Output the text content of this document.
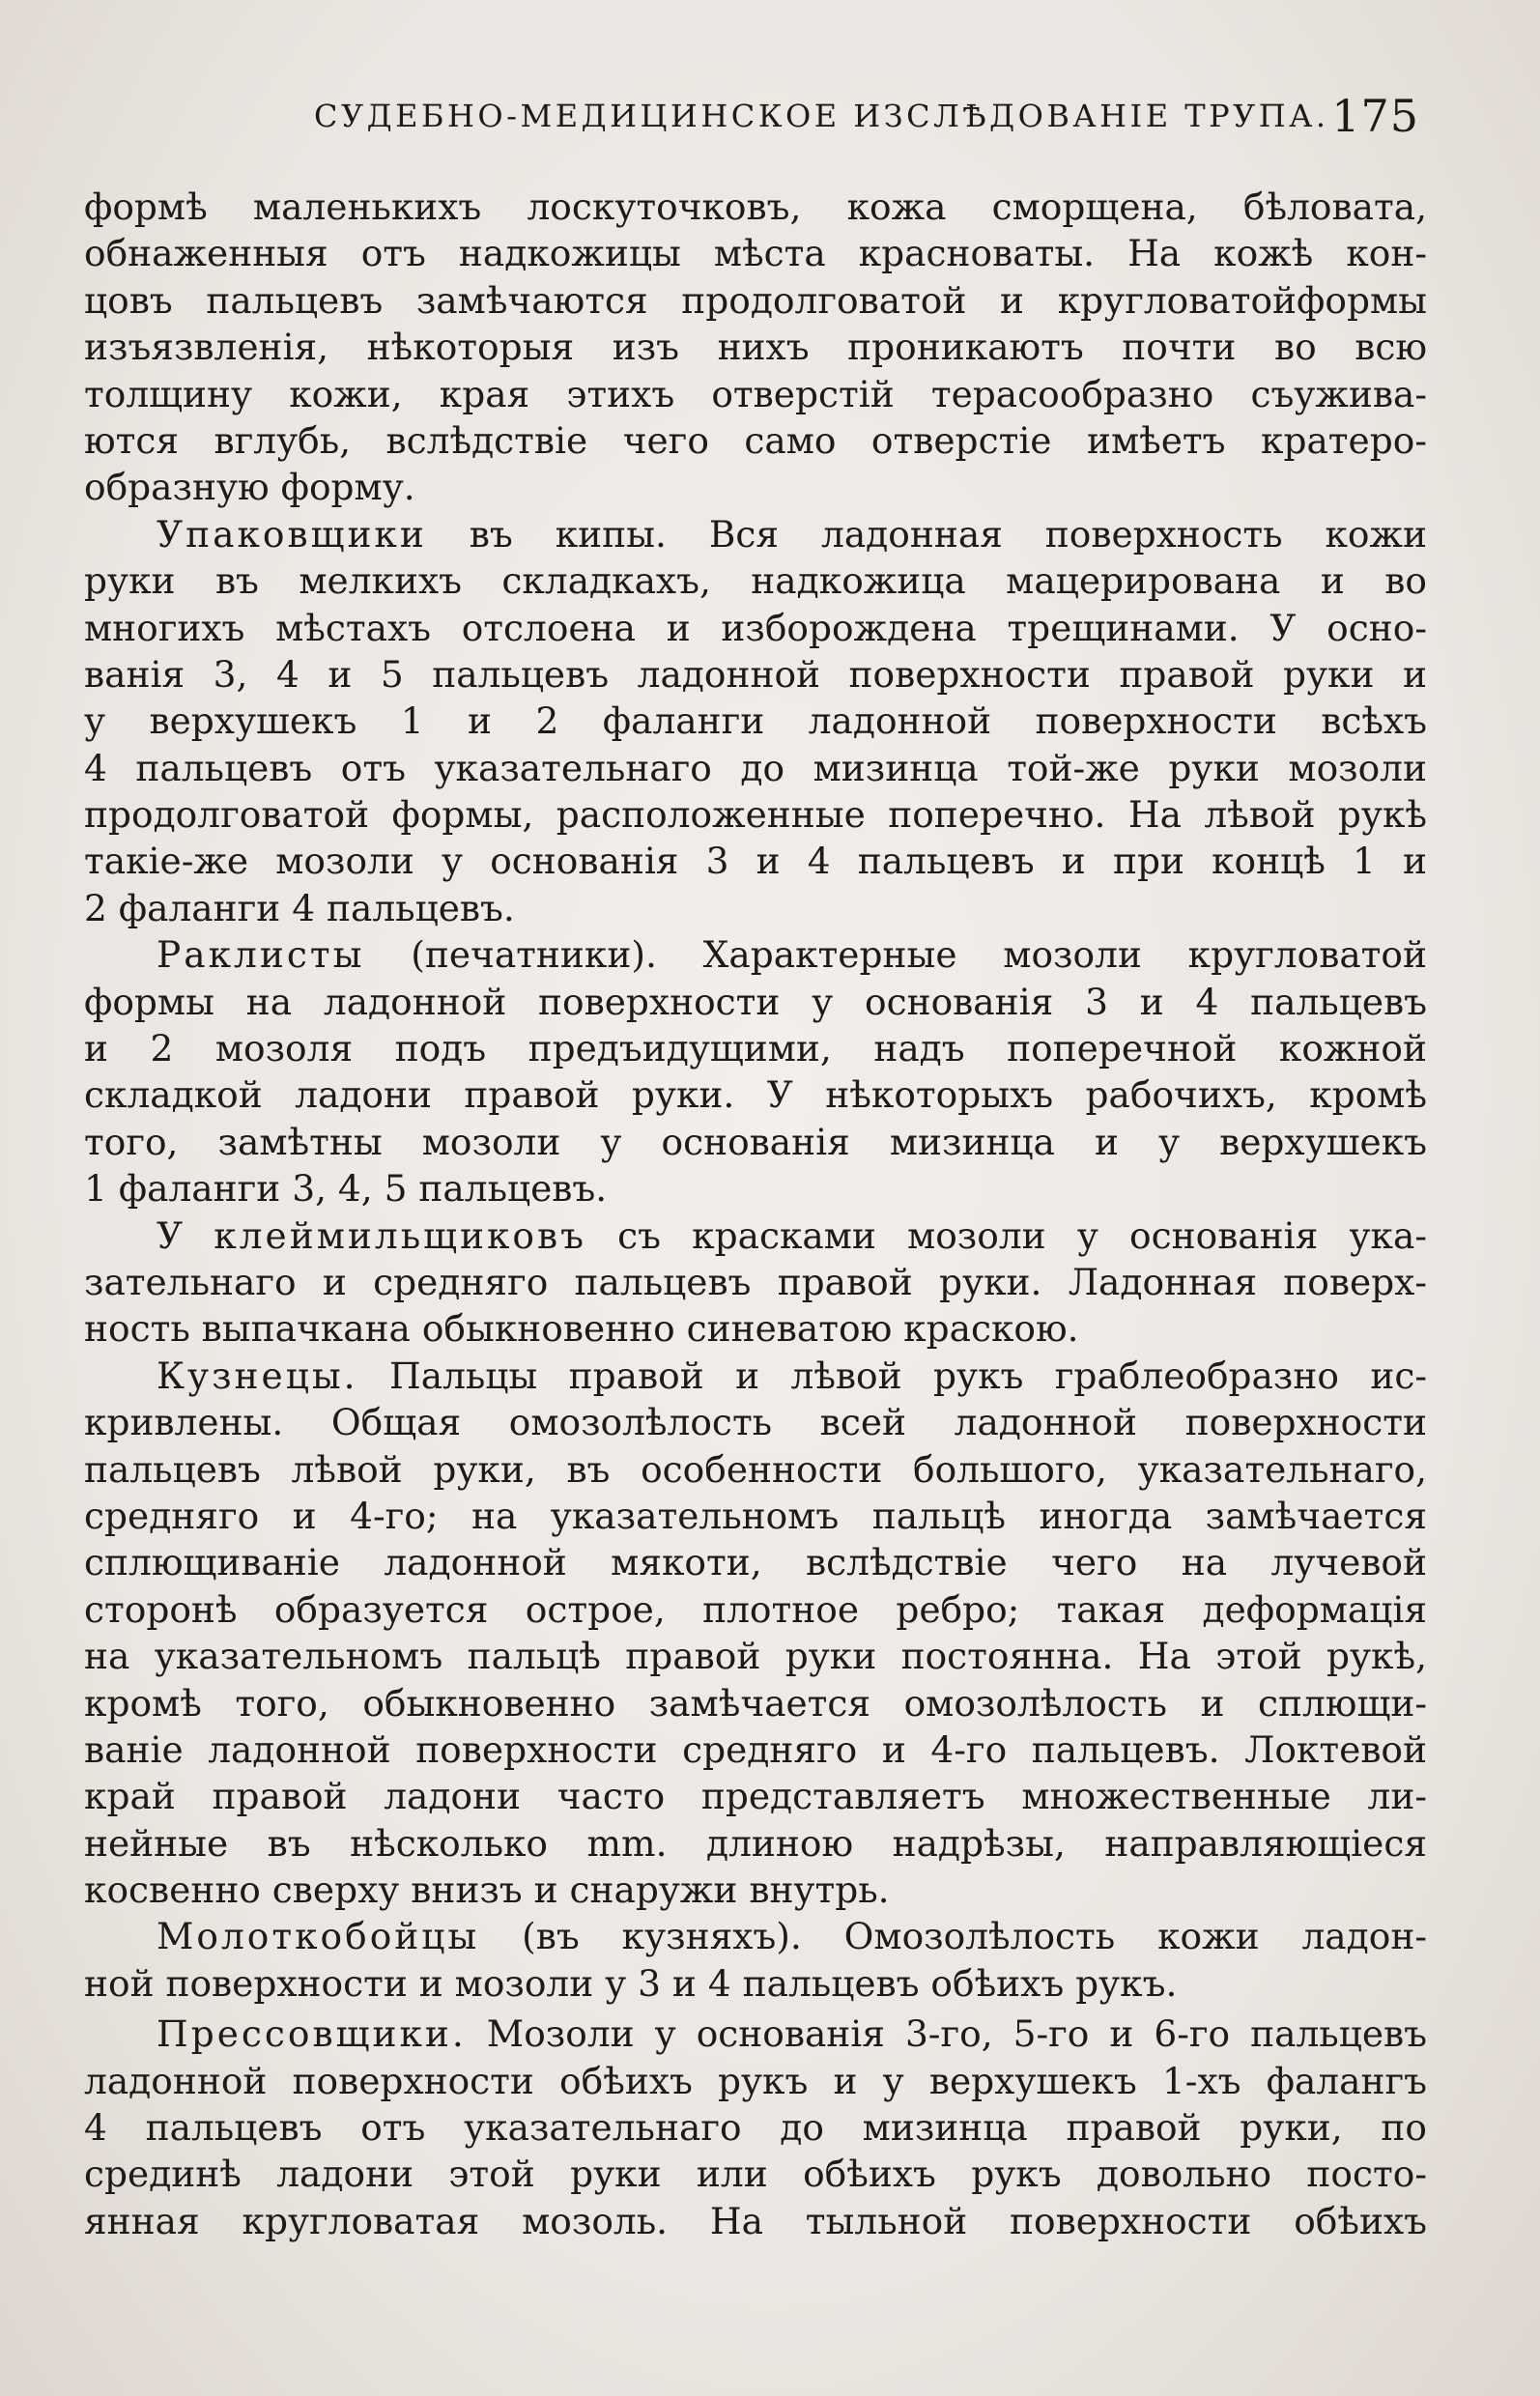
СУДЕБНО-МЕДИЦИНСКОЕ ИЗСЛѢДОВАНІЕ ТРУПА. 175
формѣ маленькихъ лоскуточковъ, кожа сморщена, бѣловата,
обнаженныя отъ надкожицы мѣста красноваты. На кожѣ кон-
цовъ пальцевъ замѣчаются продолговатой и кругловатойформы
изъязвленія, нѣкоторыя изъ нихъ проникаютъ почти во всю
толщину кожи, края этихъ отверстій терасообразно съужива-
ются вглубь, вслѣдствіе чего само отверстіе имѣетъ кратеро-
образную форму.
Упаковщики въ кипы. Вся ладонная поверхность кожи
руки въ мелкихъ складкахъ, надкожица мацерирована и во
многихъ мѣстахъ отслоена и изборождена трещинами. У осно-
ванія 3, 4 и 5 пальцевъ ладонной поверхности правой руки и
у верхушекъ 1 и 2 фаланги ладонной поверхности всѣхъ
4 пальцевъ отъ указательнаго до мизинца той-же руки мозоли
продолговатой формы, расположенные поперечно. На лѣвой рукѣ
такіе-же мозоли у основанія 3 и 4 пальцевъ и при концѣ 1 и
2 фаланги 4 пальцевъ.
Раклисты (печатники). Характерные мозоли кругловатой
формы на ладонной поверхности у основанія 3 и 4 пальцевъ
и 2 мозоля подъ предъидущими, надъ поперечной кожной
складкой ладони правой руки. У нѣкоторыхъ рабочихъ, кромѣ
того, замѣтны мозоли у основанія мизинца и у верхушекъ
1 фаланги 3, 4, 5 пальцевъ.
У клеймильщиковъ съ красками мозоли у основанія ука-
зательнаго и средняго пальцевъ правой руки. Ладонная поверх-
ность выпачкана обыкновенно синеватою краскою.
Кузнецы. Пальцы правой и лѣвой рукъ граблеобразно ис-
кривлены. Общая омозолѣлость всей ладонной поверхности
пальцевъ лѣвой руки, въ особенности большого, указательнаго,
средняго и 4-го; на указательномъ пальцѣ иногда замѣчается
сплющиваніе ладонной мякоти, вслѣдствіе чего на лучевой
сторонѣ образуется острое, плотное ребро; такая деформація
на указательномъ пальцѣ правой руки постоянна. На этой рукѣ,
кромѣ того, обыкновенно замѣчается омозолѣлость и сплющи-
ваніе ладонной поверхности средняго и 4-го пальцевъ. Локтевой
край правой ладони часто представляетъ множественные ли-
нейные въ нѣсколько mm. длиною надрѣзы, направляющіеся
косвенно сверху внизъ и снаружи внутрь.
Молоткобойцы (въ кузняхъ). Омозолѣлость кожи ладон-
ной поверхности и мозоли у 3 и 4 пальцевъ обѣихъ рукъ.
Прессовщики. Мозоли у основанія 3-го, 5-го и 6-го пальцевъ
ладонной поверхности обѣихъ рукъ и у верхушекъ 1-хъ фалангъ
4 пальцевъ отъ указательнаго до мизинца правой руки, по
срединѣ ладони этой руки или обѣихъ рукъ довольно посто-
янная кругловатая мозоль. На тыльной поверхности обѣихъ
